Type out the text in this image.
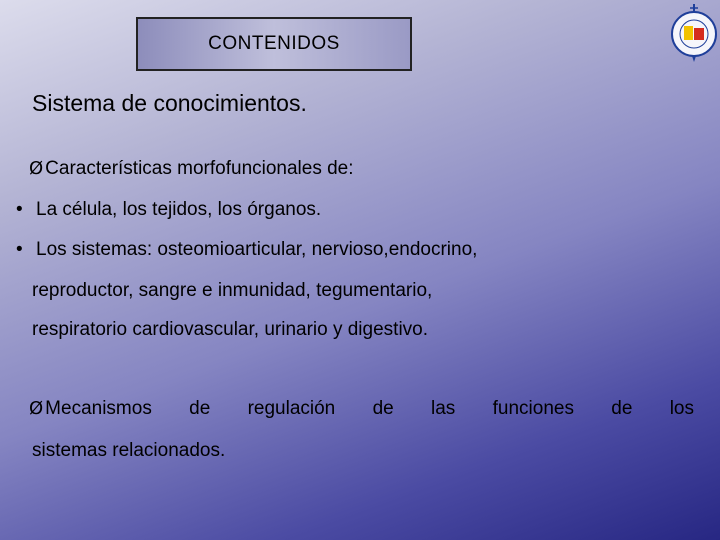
CONTENIDOS
Sistema de conocimientos.
Ø Características morfofuncionales de:
• La célula, los tejidos, los órganos.
• Los sistemas: osteomioarticular, nervioso,endocrino,
reproductor, sangre e inmunidad, tegumentario,
respiratorio cardiovascular, urinario y digestivo.
Ø Mecanismos de regulación de las funciones de los
sistemas relacionados.
